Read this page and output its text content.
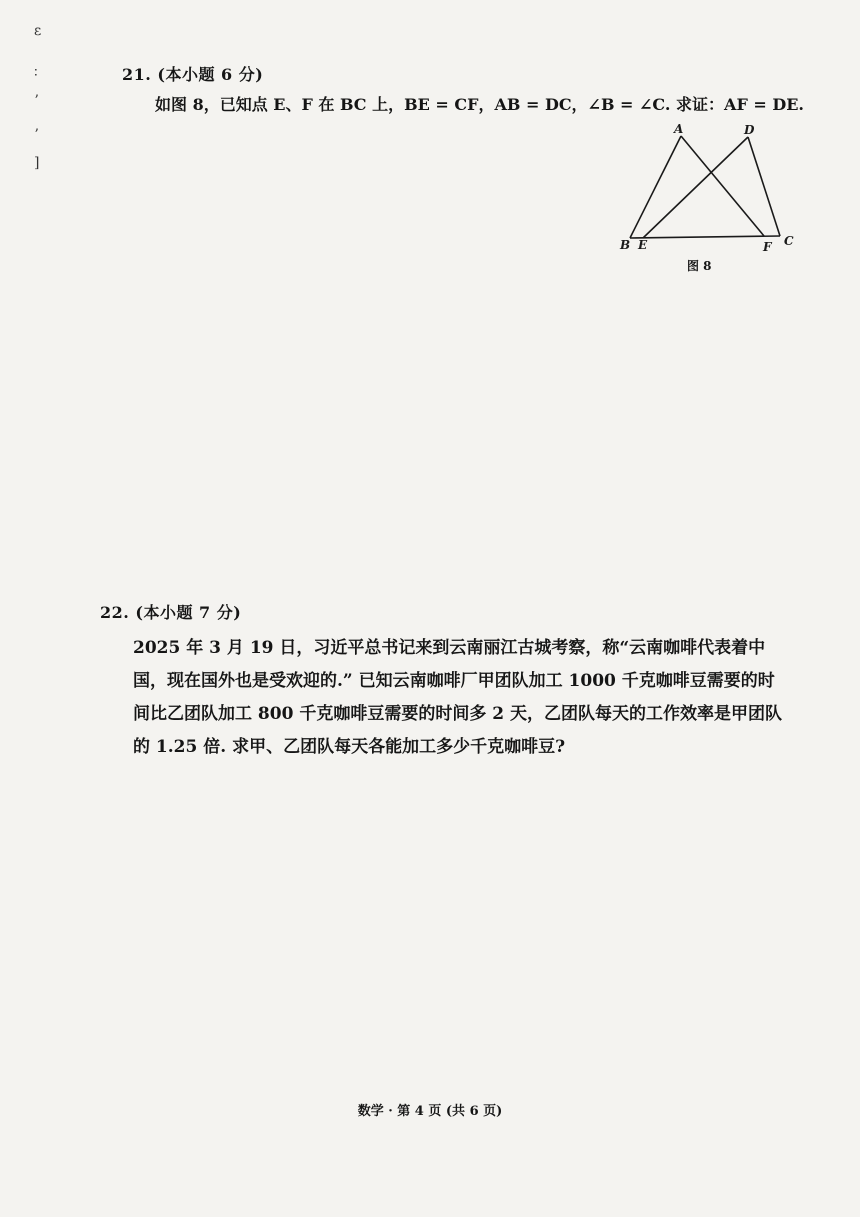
ε
∶
ʼ
ʼ
]
21. (本小题 6 分)
如图 8，已知点 E、F 在 BC 上，BE = CF，AB = DC，∠B = ∠C. 求证：AF = DE.
A	D
B E	F C
图 8
22. (本小题 7 分)
2025 年 3 月 19 日，习近平总书记来到云南丽江古城考察，称“云南咖啡代表着中
国，现在国外也是受欢迎的.” 已知云南咖啡厂甲团队加工 1000 千克咖啡豆需要的时
间比乙团队加工 800 千克咖啡豆需要的时间多 2 天，乙团队每天的工作效率是甲团队
的 1.25 倍. 求甲、乙团队每天各能加工多少千克咖啡豆?
数学 · 第 4 页 (共 6 页)
